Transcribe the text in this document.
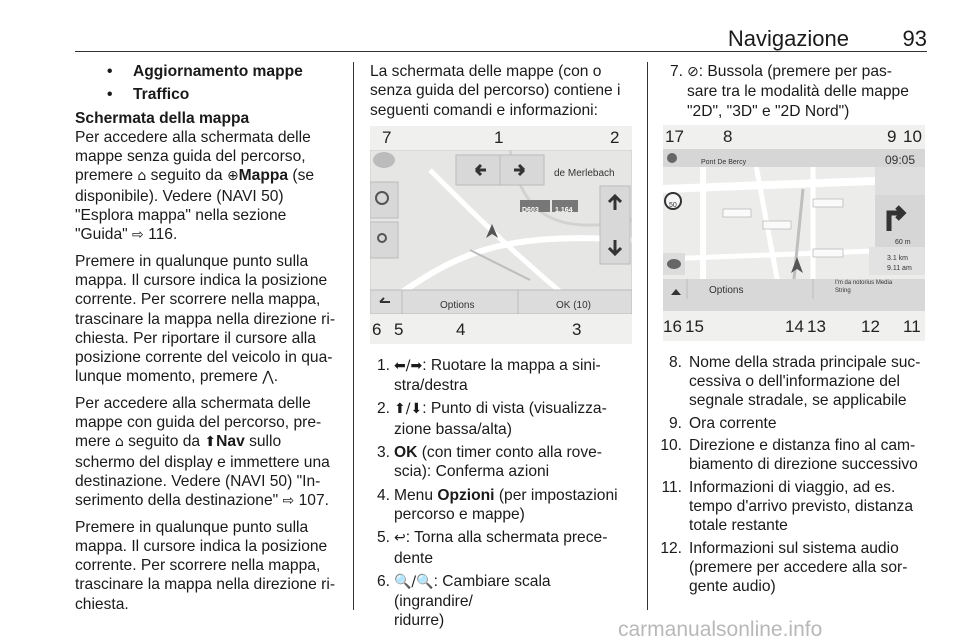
Navigazione 93
• Aggiornamento mappe
• Traffico
Schermata della mappa

Per accedere alla schermata delle
mappe senza guida del percorso,
premere ⌂ seguito da ⊕Mappa (se
disponibile). Vedere (NAVI 50)
"Esplora mappa" nella sezione
"Guida" ⇨ 116.

Premere in qualunque punto sulla
mappa. Il cursore indica la posizione
corrente. Per scorrere nella mappa,
trascinare la mappa nella direzione ri-
chiesta. Per riportare il cursore alla
posizione corrente del veicolo in qua-
lunque momento, premere ⋀.

Per accedere alla schermata delle
mappe con guida del percorso, pre-
mere ⌂ seguito da ⬆Nav sullo
schermo del display e immettere una
destinazione. Vedere (NAVI 50) "In-
serimento della destinazione" ⇨ 107.

Premere in qualunque punto sulla
mappa. Il cursore indica la posizione
corrente. Per scorrere nella mappa,
trascinare la mappa nella direzione ri-
chiesta.

La schermata delle mappe (con o
senza guida del percorso) contiene i
seguenti comandi e informazioni:

7	1	2
de Merlebach
D603 1,164
Options	OK (10)
6 5	4	3
1. ⬅/➡: Ruotare la mappa a sini-
stra/destra
2. ⬆/⬇: Punto di vista (visualizza-
zione bassa/alta)
3. OK (con timer conto alla rove-
scia): Conferma azioni
4. Menu Opzioni (per impostazioni
percorso e mappe)
5. ↩: Torna alla schermata prece-
dente
6. 🔍/🔍: Cambiare scala (ingrandire/
ridurre)
7. ⊘: Bussola (premere per pas-
sare tra le modalità delle mappe
"2D", "3D" e "2D Nord")
17 8	9 10
Pont De Bercy	09:05
50
60 m
3.1 km
9.11 am
Options
I'm da notorius Media
String
16 15	14 13 12 11
8. Nome della strada principale suc-
cessiva o dell'informazione del
segnale stradale, se applicabile
9. Ora corrente
10. Direzione e distanza fino al cam-
biamento di direzione successivo
11. Informazioni di viaggio, ad es.
tempo d'arrivo previsto, distanza
totale restante
12. Informazioni sul sistema audio
(premere per accedere alla sor-
gente audio)
carmanualsonline.info
